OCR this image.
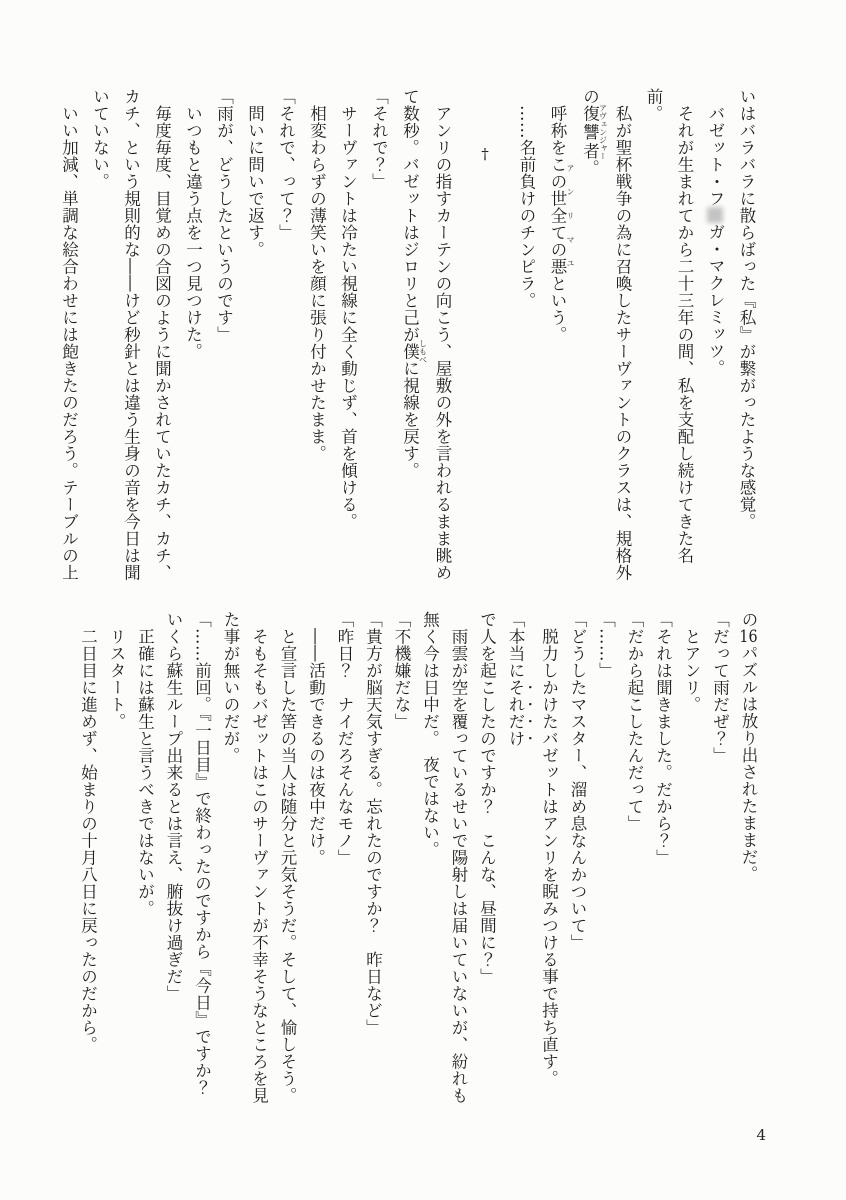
いはバラバラに散らばった『私』が繋がったような感覚。

バゼット・フガ・マクレミッツ。

それが生まれてから二十三年の間、私を支配し続けてきた名前。

私が聖杯戦争の為に召喚したサーヴァントのクラスは、規格外

の復讐者 アヴェンジャー。

呼称をこの世全ての悪 アンリマユという。

……名前負けのチンピラ。

†

アンリの指すカーテンの向こう、屋敷の外を言われるまま眺め

て数秒。バゼットはジロリと己が僕 しもべに視線を戻す。

「それで？」

サーヴァントは冷たい視線に全く動じず、首を傾ける。

相変わらずの薄笑いを顔に張り付かせたまま。

「それで、って？」

問いに問いで返す。

「雨が、どうしたというのです」

いつもと違う点を一つ見つけた。

毎度毎度、目覚めの合図のように聞かされていたカチ、カチ、

カチ、という規則的な――けど秒針とは違う生身の音を今日は聞

いていない。

いい加減、単調な絵合わせには飽きたのだろう。テーブルの上

の16パズルは放り出されたままだ。

「だって雨だぜ？」

とアンリ。

「それは聞きました。だから？」

「だから起こしたんだって」

「……」

「どうしたマスター、溜め息なんかついて」

脱力しかけたバゼットはアンリを睨みつける事で持ち直す。

「本当にそれだけで人を起こしたのですか？　こんな、昼間に？」

雨雲が空を覆っているせいで陽射しは届いていないが、紛れも

無く今は日中だ。　夜ではない。

「不機嫌だな」

「貴方が脳天気すぎる。忘れたのですか？　昨日など」

「昨日？　ナイだろそんなモノ」

――活動できるのは夜中だけ。

と宣言した筈の当人は随分と元気そうだ。そして、愉しそう。

そもそもバゼットはこのサーヴァントが不幸そうなところを見

た事が無いのだが。

「……前回。『一日目』で終わったのですから『今日』ですか？

いくら蘇生ループ出来るとは言え、腑抜け過ぎだ」

正確には蘇生と言うべきではないが。

リスタート。

二日目に進めず、始まりの十月八日に戻ったのだから。

4
